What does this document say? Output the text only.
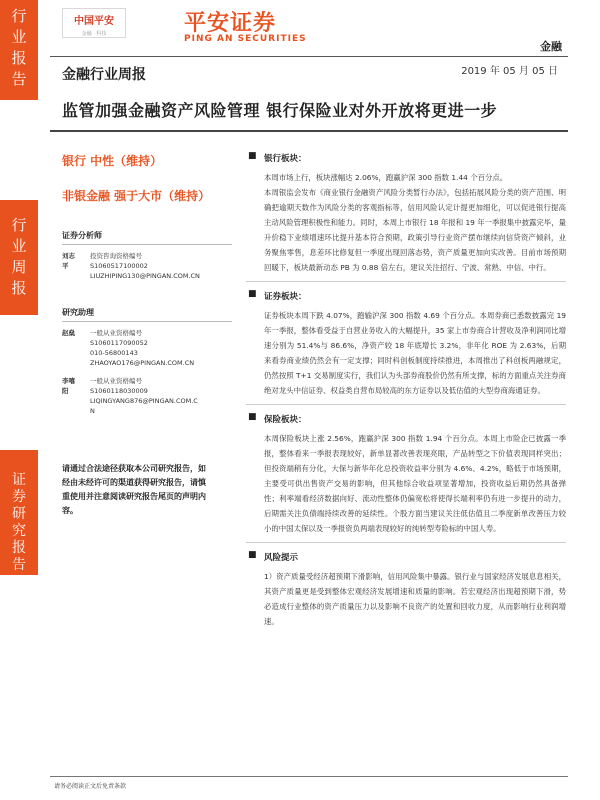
行
业
报
告
行
业
周
报
证
券
研
究
报
告
中国平安
金融 · 科技	平安证券
PING AN SECURITIES
金融
金融行业周报	2019 年 05 月 05 日
监管加强金融资产风险管理 银行保险业对外开放将更进一步
银行 中性（维持）
非银金融 强于大市（维持）
证券分析师
刘志平
投资咨询资格编号
S1060517100002
LIUZHIPING130@PINGAN.COM.CN
研究助理
赵燊	一般从业资格编号
S1060117090052
010-56800143
ZHAOYAO176@PINGAN.COM.CN
李嘻阳
一般从业资格编号
S1060118030009
LIQINGYANG876@PINGAN.COM.C
N
请通过合法途径获取本公司研究报告，如经由未经许可的渠道获得研究报告，请慎重使用并注意阅读研究报告尾页的声明内容。
■ 银行板块：
本周市场上行，板块涨幅达 2.06%，跑赢沪深 300 指数 1.44 个百分点。
本周银监会发布《商业银行金融资产风险分类暂行办法》，包括拓展风险分类的资产范围、明确把逾期天数作为风险分类的客观指标等，信用风险认定计提更加细化，可以促进银行提高主动风险管理积极性和能力。同时，本周上市银行 18 年报和 19 年一季报集中披露完毕，量升价稳下业绩增速环比提升基本符合预期，政策引导行业资产摆布继续向信贷资产倾斜，业务聚焦零售，息差环比修复但一季度出现回落态势，资产质量更加向实改善。目前市场预期回暖下，板块最新动态 PB 为 0.88 倍左右，建议关注招行、宁波、常熟、中信、中行。
■ 证券板块：
证券板块本周下跌 4.07%，跑输沪深 300 指数 4.69 个百分点。本周券商已悉数披露完 19 年一季报，整体看受益于自营业务收入的大幅提升，35 家上市券商合计营收及净利润同比增速分别为 51.4%与 86.6%，净资产较 18 年底增长 3.2%，非年化 ROE 为 2.63%，后期来看券商业绩仍然会有一定支撑；同时科创板制度持续推进，本周推出了科创板两融规定，仍然按照 T+1 交易制度实行，我们认为头部券商股价仍然有所支撑，标的方面重点关注券商绝对龙头中信证券、权益类自营布局较高的东方证券以及低估值的大型券商海通证券。
■ 保险板块：
本周保险板块上涨 2.56%，跑赢沪深 300 指数 1.94 个百分点。本周上市险企已披露一季报，整体看来一季报表现较好，新单显著改善表现亮眼，产品转型之下价值表现同样突出；但投资端稍有分化，大保与新华年化总投资收益率分别为 4.6%、4.2%，略低于市场预期，主要受可供出售资产交易的影响，但其他综合收益项显著增加，投资收益后期仍然具备弹性；利率端看经济数据向好、流动性整体仍偏宽松将使得长端利率仍有进一步提升的动力，后期需关注负债端持续改善的延续性。个股方面当建议关注低估值且二季度新单改善压力较小的中国太保以及一季报资负两端表现较好的纯转型寿险标的中国人寿。
■ 风险提示
1）资产质量受经济超预期下滑影响，信用风险集中暴露。银行业与国家经济发展息息相关，其资产质量更是受到整体宏观经济发展增速和质量的影响。若宏观经济出现超预期下滑，势必造成行业整体的资产质量压力以及影响不良资产的处置和回收力度，从而影响行业利润增速。
请务必阅读正文后免责条款
